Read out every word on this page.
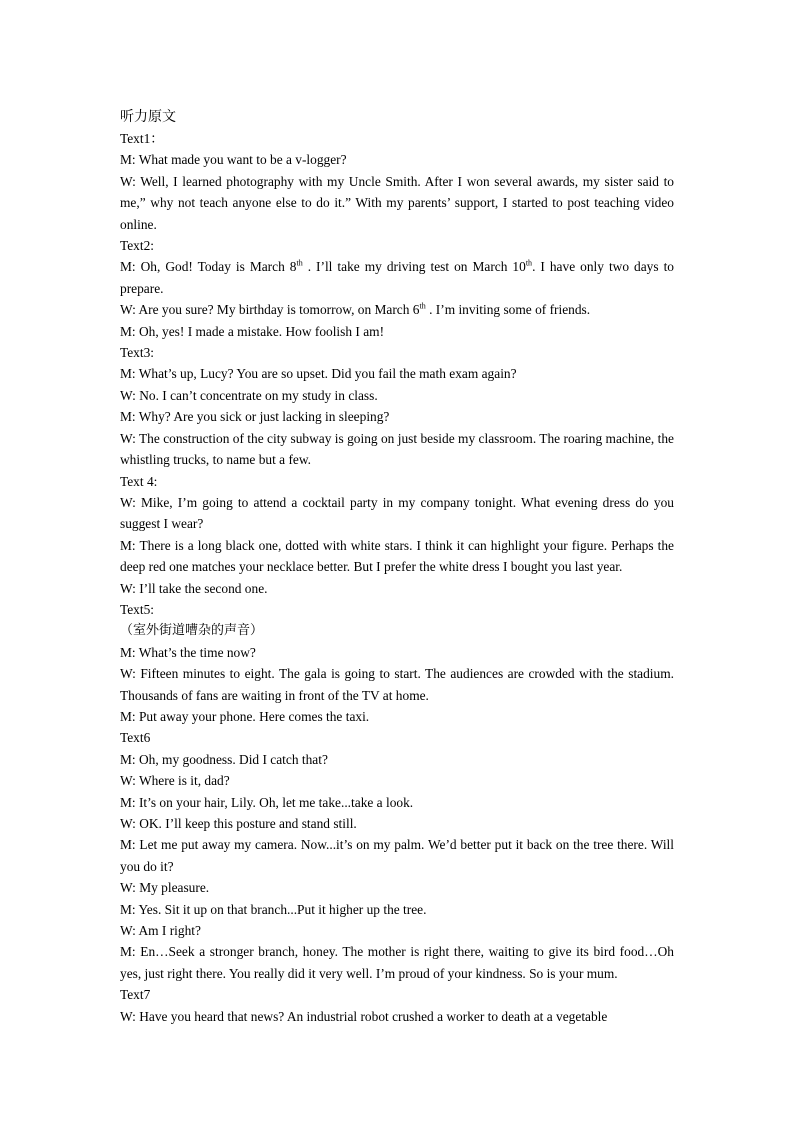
听力原文

Text1：

M: What made you want to be a v-logger?

W: Well, I learned photography with my Uncle Smith. After I won several awards, my sister said to me,” why not teach anyone else to do it.” With my parents’ support, I started to post teaching video online.

Text2:

M: Oh, God! Today is March 8th . I’ll take my driving test on March 10th. I have only two days to prepare.

W: Are you sure? My birthday is tomorrow, on March 6th . I’m inviting some of friends.

M: Oh, yes! I made a mistake. How foolish I am!

Text3:

M: What’s up, Lucy? You are so upset. Did you fail the math exam again?

W: No. I can’t concentrate on my study in class.

M: Why? Are you sick or just lacking in sleeping?

W: The construction of the city subway is going on just beside my classroom. The roaring machine, the whistling trucks, to name but a few.

Text 4:

W: Mike, I’m going to attend a cocktail party in my company tonight. What evening dress do you suggest I wear?

M: There is a long black one, dotted with white stars. I think it can highlight your figure. Perhaps the deep red one matches your necklace better. But I prefer the white dress I bought you last year.

W: I’ll take the second one.

Text5:

（室外街道嘈杂的声音）

M: What’s the time now?

W: Fifteen minutes to eight. The gala is going to start. The audiences are crowded with the stadium. Thousands of fans are waiting in front of the TV at home.

M: Put away your phone. Here comes the taxi.

Text6

M: Oh, my goodness. Did I catch that?

W: Where is it, dad?

M: It’s on your hair, Lily. Oh, let me take...take a look.

W: OK. I’ll keep this posture and stand still.

M: Let me put away my camera. Now...it’s on my palm. We’d better put it back on the tree there. Will you do it?

W: My pleasure.

M: Yes. Sit it up on that branch...Put it higher up the tree.

W: Am I right?

M: En…Seek a stronger branch, honey. The mother is right there, waiting to give its bird food…Oh yes, just right there. You really did it very well. I’m proud of your kindness. So is your mum.

Text7

W: Have you heard that news? An industrial robot crushed a worker to death at a vegetable
